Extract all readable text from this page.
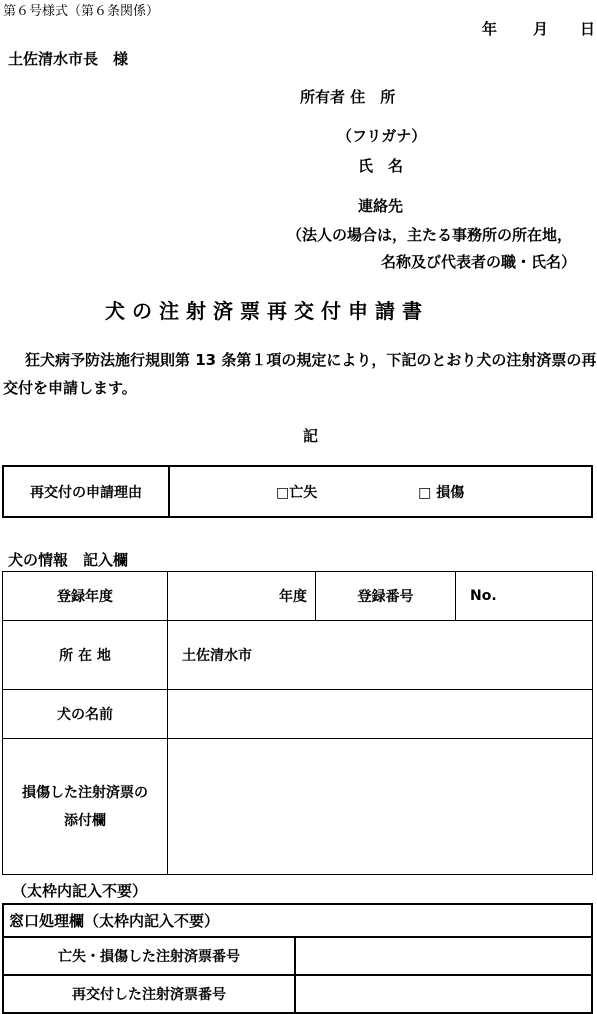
第６号様式（第６条関係）
年 月 日
土佐清水市長　様
所有者 住　所
（フリガナ）
氏　名
連絡先
（法人の場合は，主たる事務所の所在地，
名称及び代表者の職・氏名）
犬の注射済票再交付申請書
狂犬病予防法施行規則第 13 条第１項の規定により，下記のとおり犬の注射済票の再交付を申請します。
記
再交付の申請理由	□亡失	□ 損傷
犬の情報　記入欄
登録年度	年度	登録番号	No.
所 在 地	土佐清水市		
犬の名前			
損傷した注射済票の
添付欄			
（太枠内記入不要）
窓口処理欄（太枠内記入不要）	
亡失・損傷した注射済票番号	
再交付した注射済票番号	
